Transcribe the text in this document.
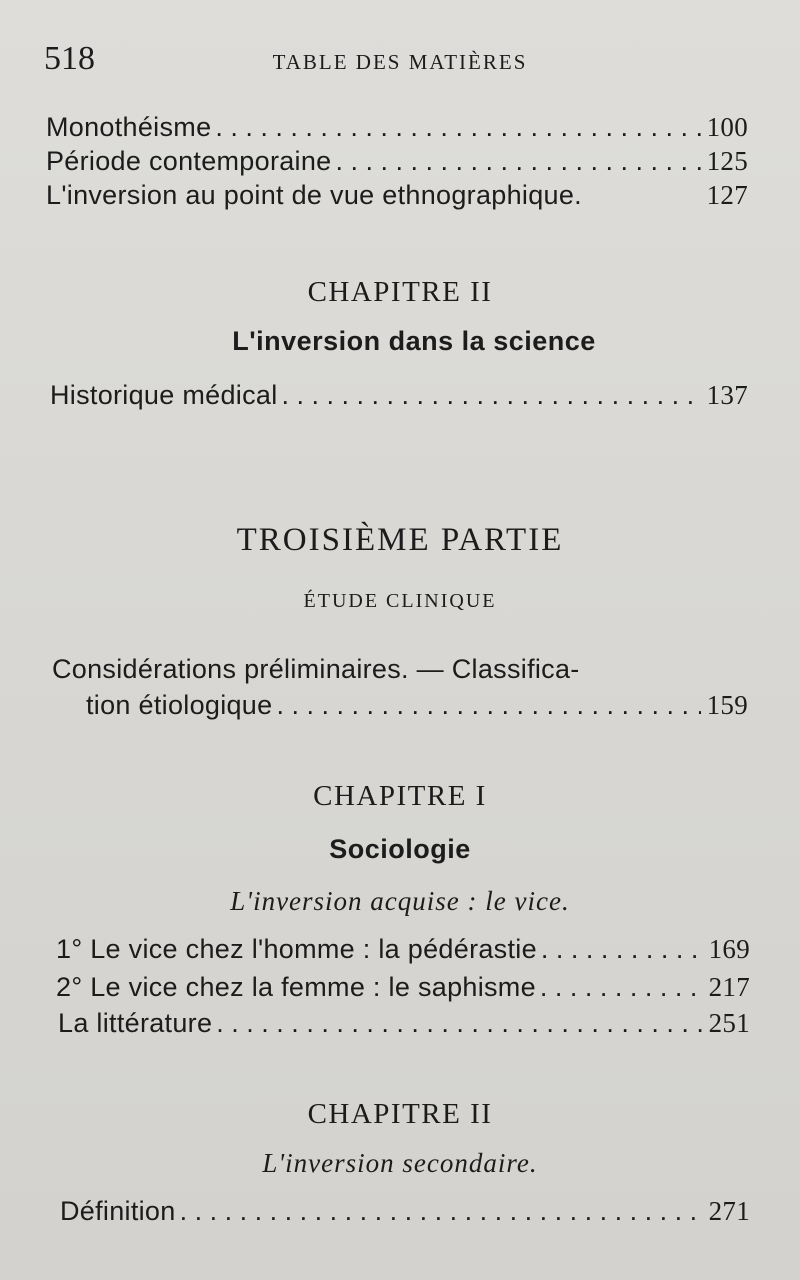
518	TABLE DES MATIÈRES
Monothéisme . . .	100
Période contemporaine . . .	125
L'inversion au point de vue ethnographique.	127
CHAPITRE II
L'inversion dans la science
Historique médical . . .	137
TROISIÈME PARTIE
ÉTUDE CLINIQUE
Considérations préliminaires. — Classifica-
tion étiologique . . .	159
CHAPITRE I
Sociologie
L'inversion acquise : le vice.
1° Le vice chez l'homme : la pédérastie . . .	169
2° Le vice chez la femme : le saphisme . . .	217
La littérature . . .	251
CHAPITRE II
L'inversion secondaire.
Définition . . .	271
